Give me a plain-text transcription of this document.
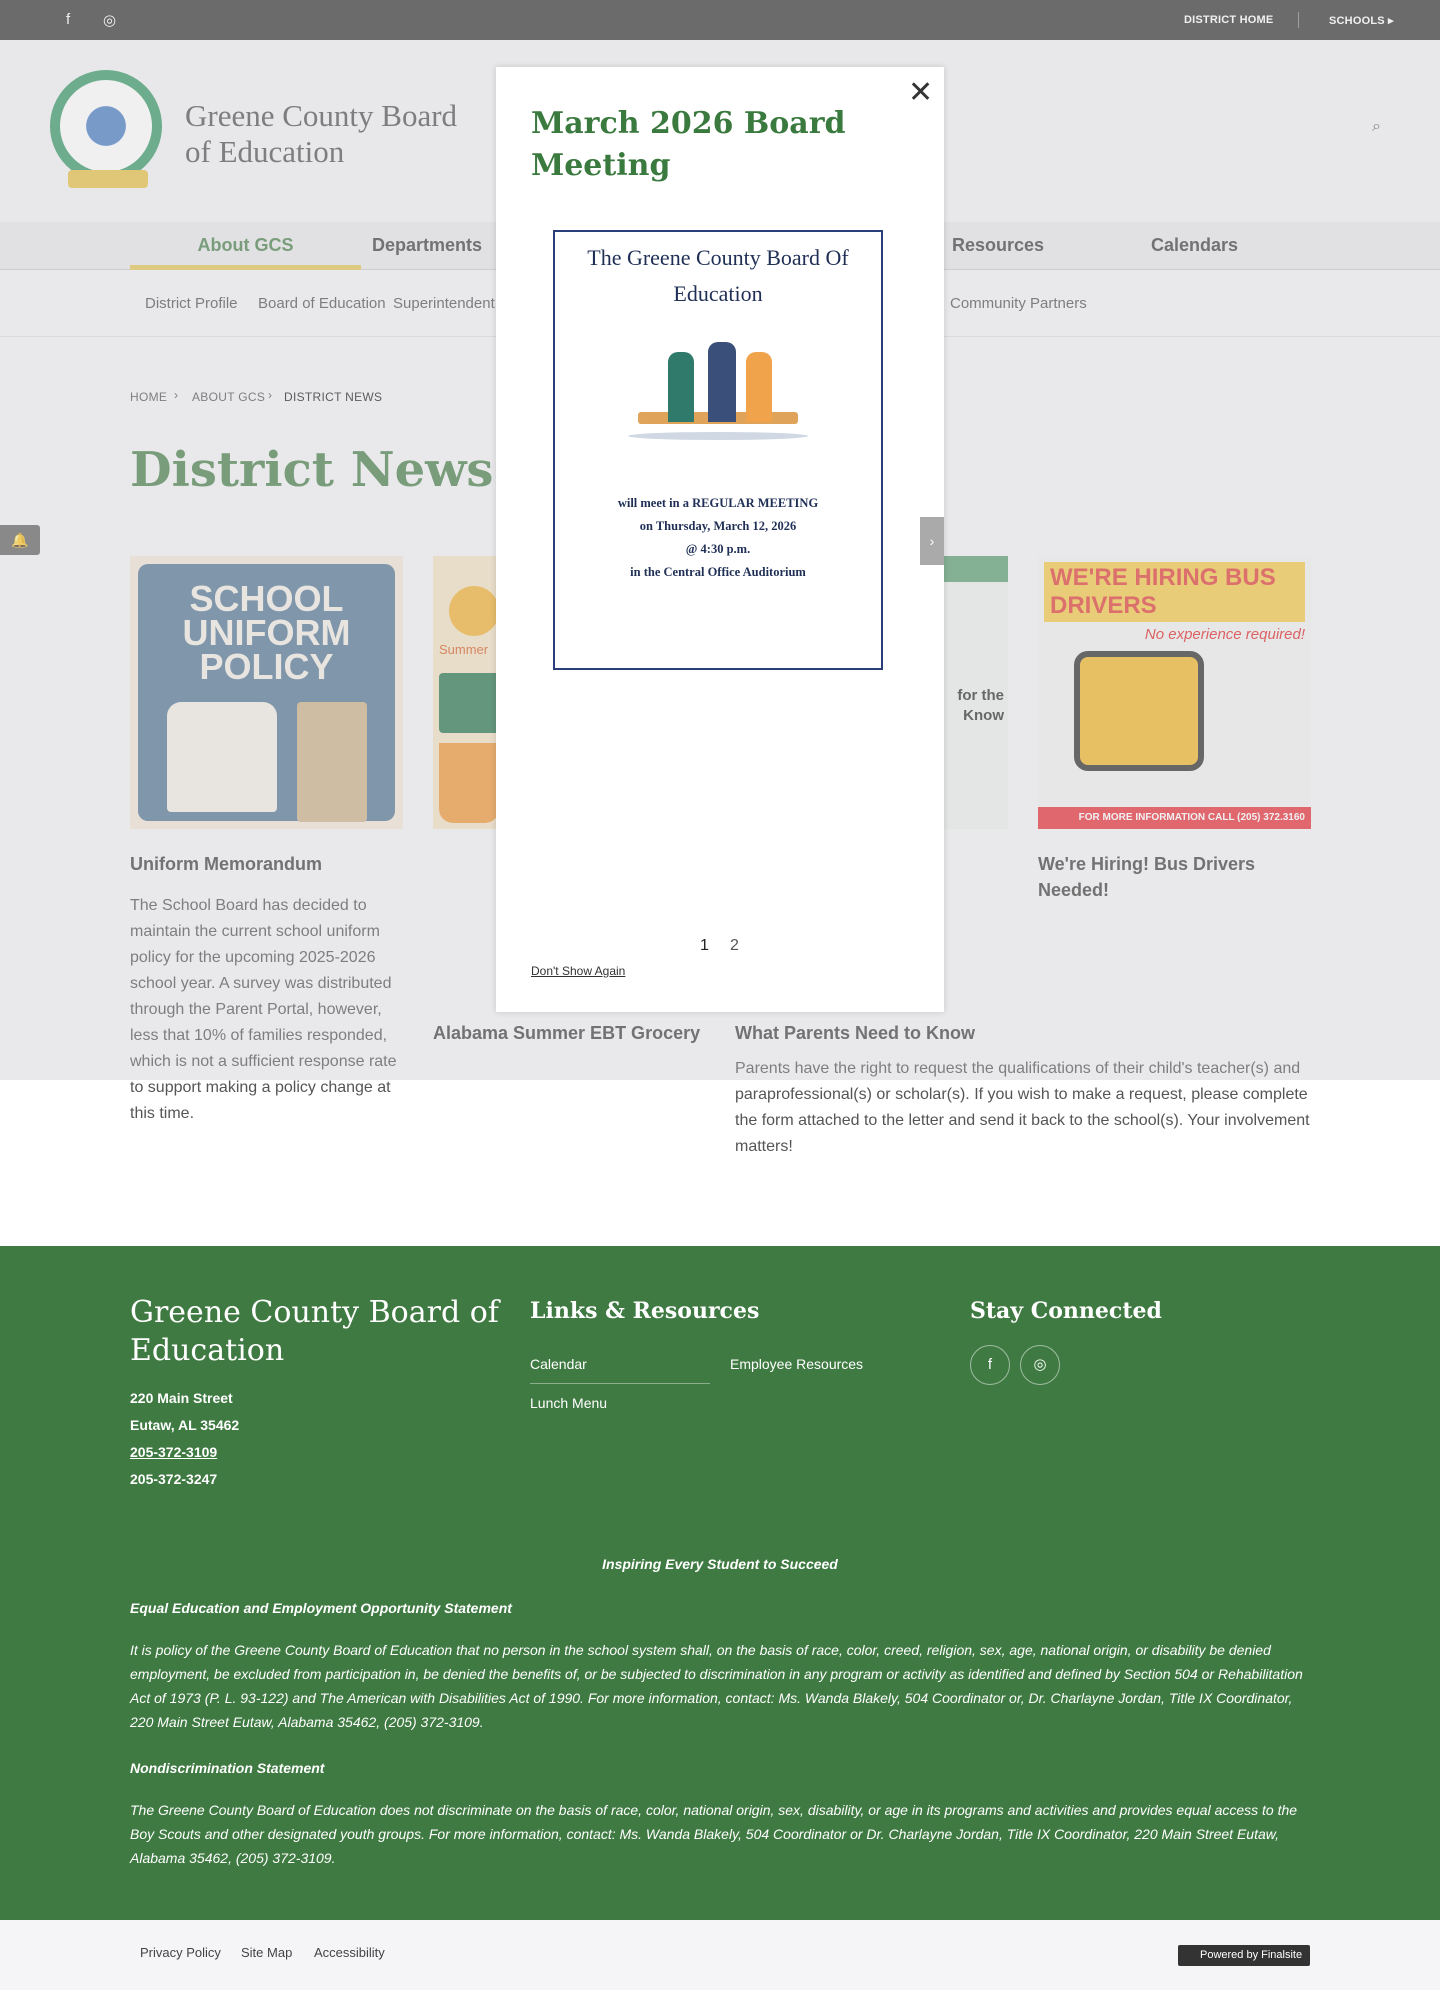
f ◎	DISTRICT HOME	SCHOOLS ▸
Greene County Board of Education
⌕
About GCS	Departments	Resources	Calendars
District Profile Board of Education Superintendent	Community Partners
HOME › ABOUT GCS › DISTRICT NEWS
District News
🔔
SCHOOL UNIFORM POLICY
Uniform Memorandum
The School Board has decided to maintain the current school uniform policy for the upcoming 2025-2026 school year. A survey was distributed through the Parent Portal, however, less that 10% of families responded, which is not a sufficient response rate to support making a policy change at this time.
Summer
Alabama Summer EBT Grocery
for the Know
What Parents Need to Know
Parents have the right to request the qualifications of their child's teacher(s) and paraprofessional(s) or scholar(s). If you wish to make a request, please complete the form attached to the letter and send it back to the school(s). Your involvement matters!
WE'RE HIRING BUS DRIVERS
No experience required!
FOR MORE INFORMATION CALL (205) 372.3160
We're Hiring! Bus Drivers Needed!
✕
March 2026 Board Meeting
The Greene County Board Of Education
will meet in a REGULAR MEETING
on Thursday, March 12, 2026
@ 4:30 p.m.
in the Central Office Auditorium
1 2
Don't Show Again
›
Greene County Board of Education
220 Main Street
Eutaw, AL 35462
205-372-3109
205-372-3247
Links & Resources
Calendar	Employee Resources
Lunch Menu
Stay Connected
f	◎
Inspiring Every Student to Succeed
Equal Education and Employment Opportunity Statement
It is policy of the Greene County Board of Education that no person in the school system shall, on the basis of race, color, creed, religion, sex, age, national origin, or disability be denied employment, be excluded from participation in, be denied the benefits of, or be subjected to discrimination in any program or activity as identified and defined by Section 504 or Rehabilitation Act of 1973 (P. L. 93-122) and The American with Disabilities Act of 1990. For more information, contact: Ms. Wanda Blakely, 504 Coordinator or, Dr. Charlayne Jordan, Title IX Coordinator, 220 Main Street Eutaw, Alabama 35462, (205) 372-3109.
Nondiscrimination Statement
The Greene County Board of Education does not discriminate on the basis of race, color, national origin, sex, disability, or age in its programs and activities and provides equal access to the Boy Scouts and other designated youth groups. For more information, contact: Ms. Wanda Blakely, 504 Coordinator or Dr. Charlayne Jordan, Title IX Coordinator, 220 Main Street Eutaw, Alabama 35462, (205) 372-3109.
Privacy Policy Site Map Accessibility	Powered by Finalsite
